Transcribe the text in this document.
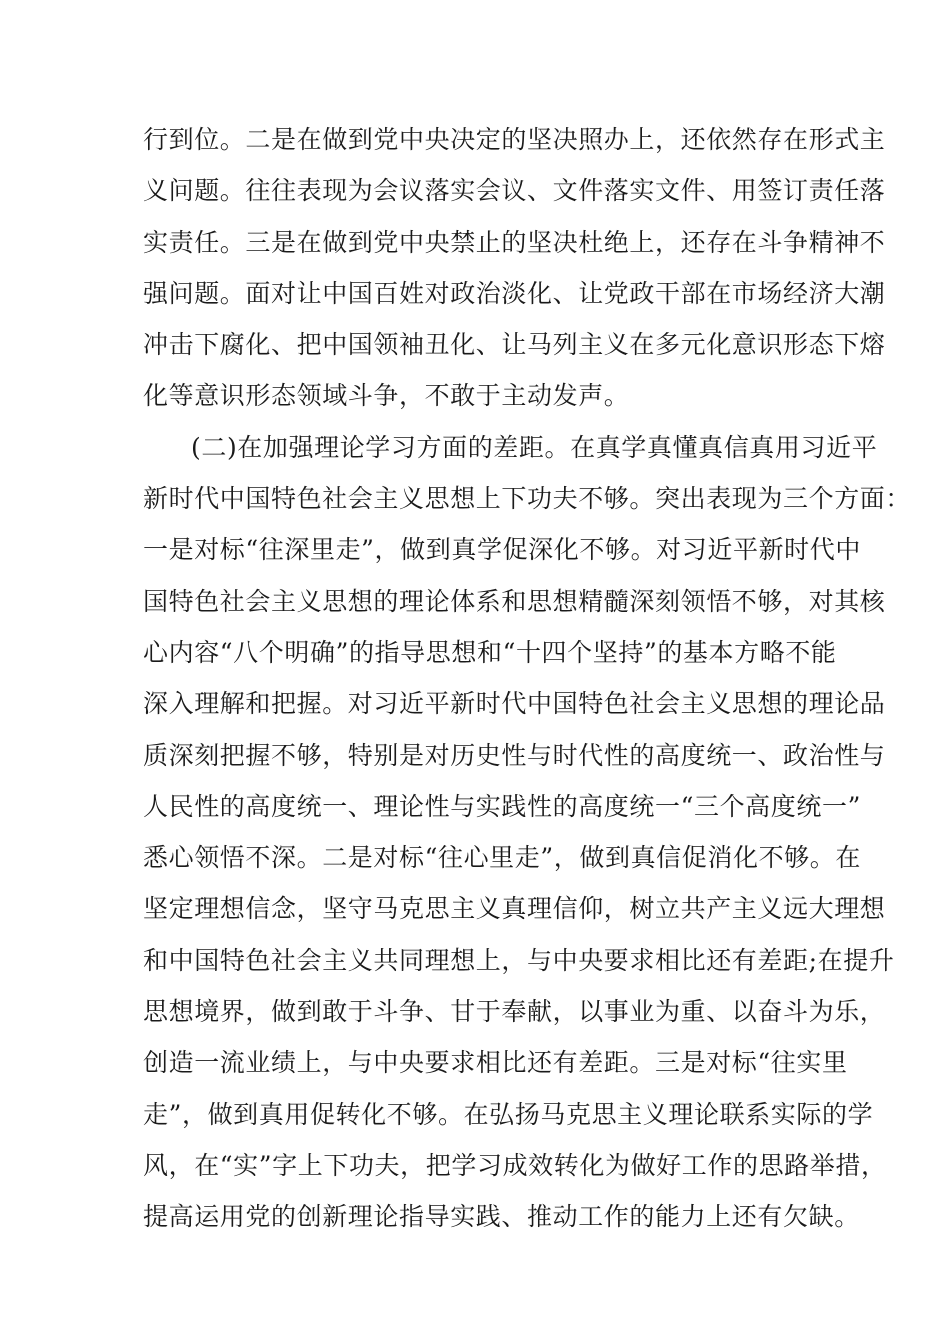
行到位。二是在做到党中央决定的坚决照办上，还依然存在形式主
义问题。往往表现为会议落实会议、文件落实文件、用签订责任落
实责任。三是在做到党中央禁止的坚决杜绝上，还存在斗争精神不
强问题。面对让中国百姓对政治淡化、让党政干部在市场经济大潮
冲击下腐化、把中国领袖丑化、让马列主义在多元化意识形态下熔
化等意识形态领域斗争，不敢于主动发声。
(二)在加强理论学习方面的差距。在真学真懂真信真用习近平
新时代中国特色社会主义思想上下功夫不够。突出表现为三个方面：
一是对标“往深里走”，做到真学促深化不够。对习近平新时代中
国特色社会主义思想的理论体系和思想精髓深刻领悟不够，对其核
心内容“八个明确”的指导思想和“十四个坚持”的基本方略不能
深入理解和把握。对习近平新时代中国特色社会主义思想的理论品
质深刻把握不够，特别是对历史性与时代性的高度统一、政治性与
人民性的高度统一、理论性与实践性的高度统一“三个高度统一”
悉心领悟不深。二是对标“往心里走”，做到真信促消化不够。在
坚定理想信念，坚守马克思主义真理信仰，树立共产主义远大理想
和中国特色社会主义共同理想上，与中央要求相比还有差距;在提升
思想境界，做到敢于斗争、甘于奉献，以事业为重、以奋斗为乐，
创造一流业绩上，与中央要求相比还有差距。三是对标“往实里
走”，做到真用促转化不够。在弘扬马克思主义理论联系实际的学
风，在“实”字上下功夫，把学习成效转化为做好工作的思路举措，
提高运用党的创新理论指导实践、推动工作的能力上还有欠缺。
